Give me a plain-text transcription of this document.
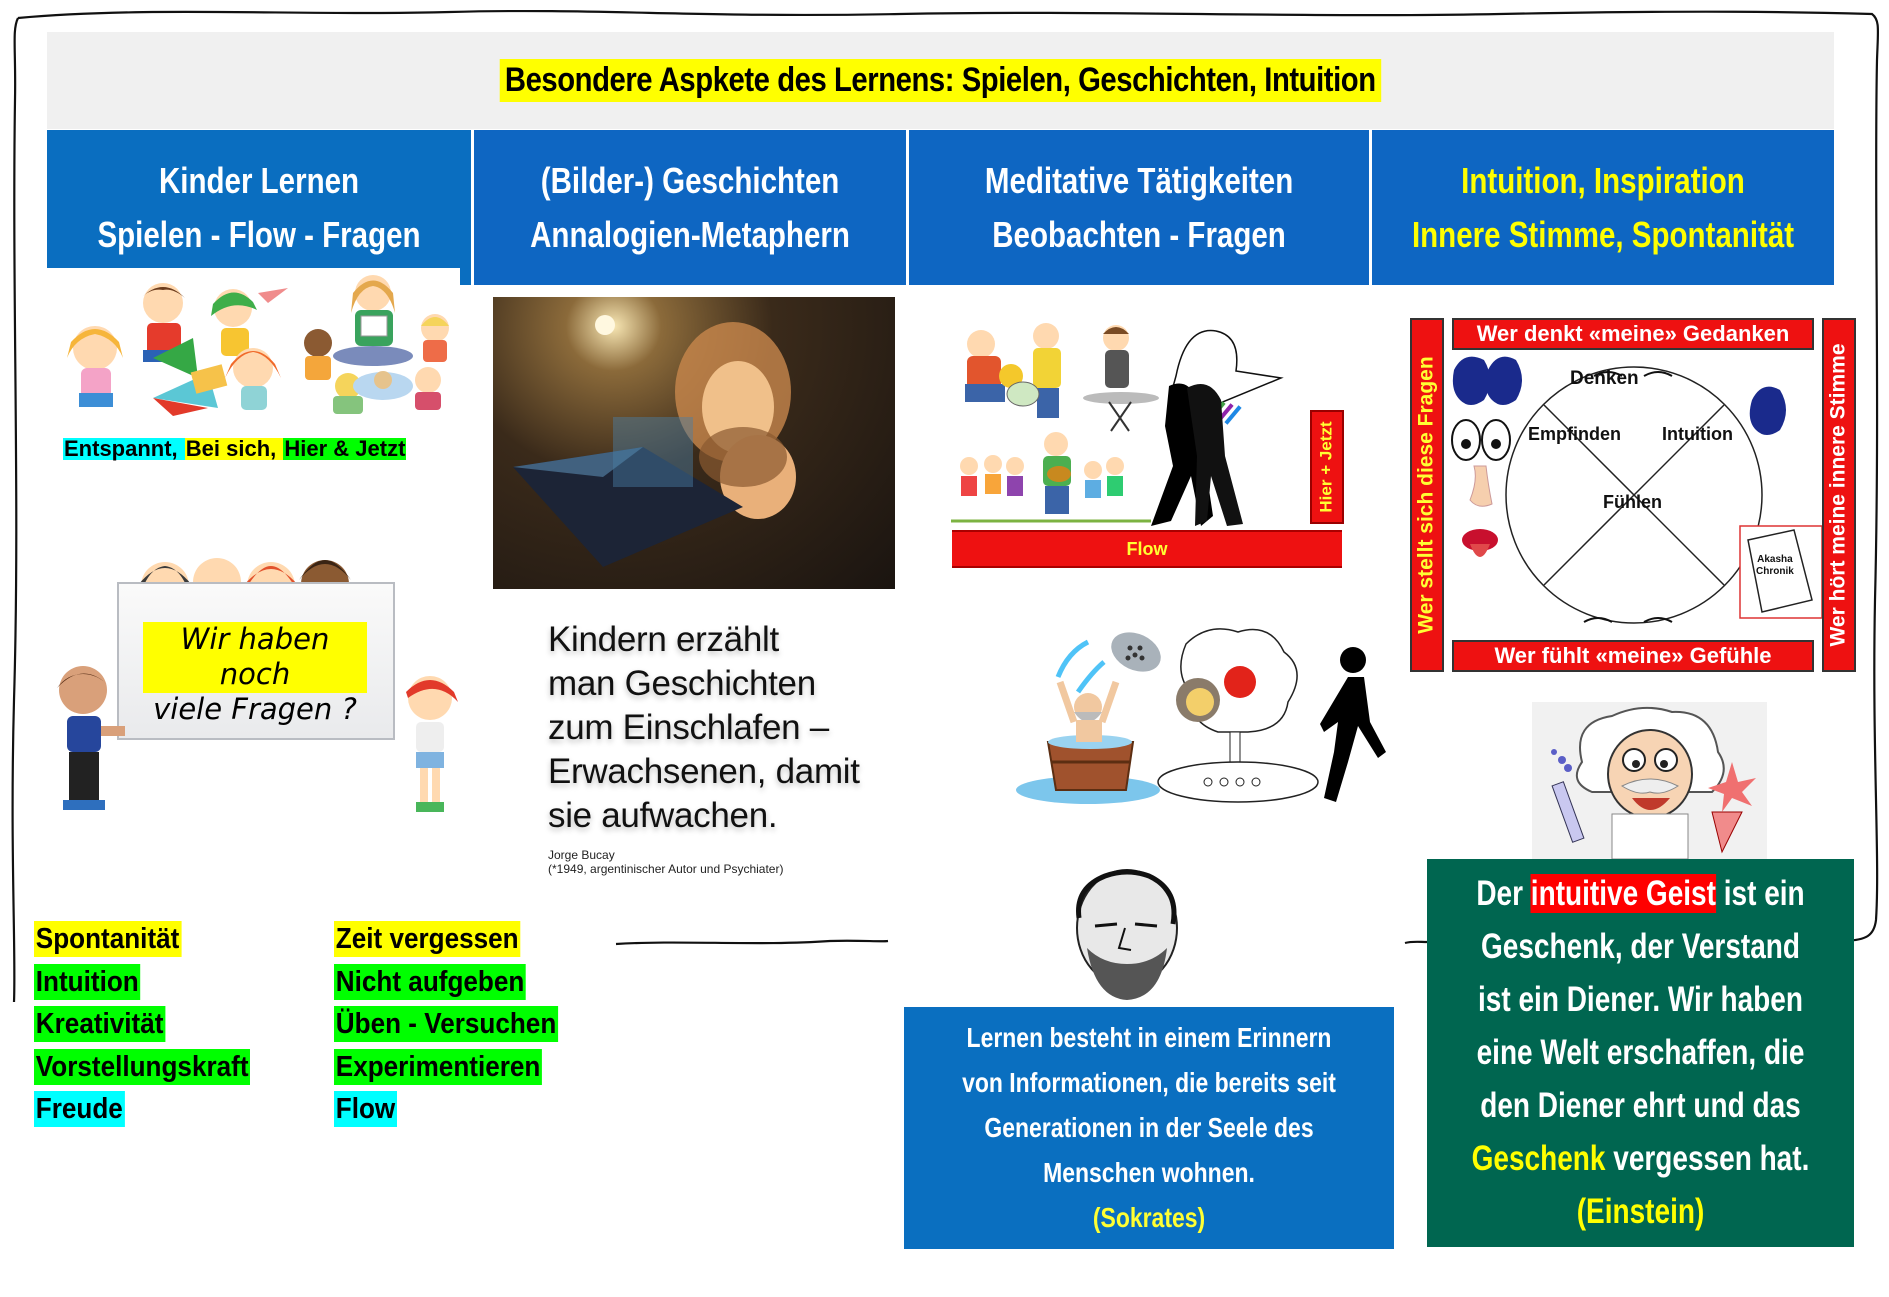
Besondere Aspkete des Lernens: Spielen, Geschichten, Intuition
Kinder Lernen
Spielen - Flow - Fragen
(Bilder-) Geschichten
Annalogien-Metaphern
Meditative Tätigkeiten
Beobachten - Fragen
Intuition, Inspiration
Innere Stimme, Spontanität
Entspannt, Bei sich, Hier & Jetzt
Wir haben noch
viele Fragen ?
Spontanität
Intuition
Kreativität
Vorstellungskraft
Freude
Zeit vergessen
Nicht aufgeben
Üben - Versuchen
Experimentieren
Flow
Kindern erzählt
man Geschichten
zum Einschlafen –
Erwachsenen, damit
sie aufwachen.
Jorge Bucay
(*1949, argentinischer Autor und Psychiater)
Flow
Hier + Jetzt
Lernen besteht in einem Erinnern
von Informationen, die bereits seit
Generationen in der Seele des
Menschen wohnen.
(Sokrates)
Wer stellt sich diese Fragen	Wer hört meine innere Stimme
Wer denkt «meine» Gedanken
Wer fühlt «meine» Gefühle
Denken
Empfinden Intuition
Fühlen
Akasha
Chronik
Der intuitive Geist ist ein
Geschenk, der Verstand
ist ein Diener. Wir haben
eine Welt erschaffen, die
den Diener ehrt und das
Geschenk vergessen hat.
(Einstein)
